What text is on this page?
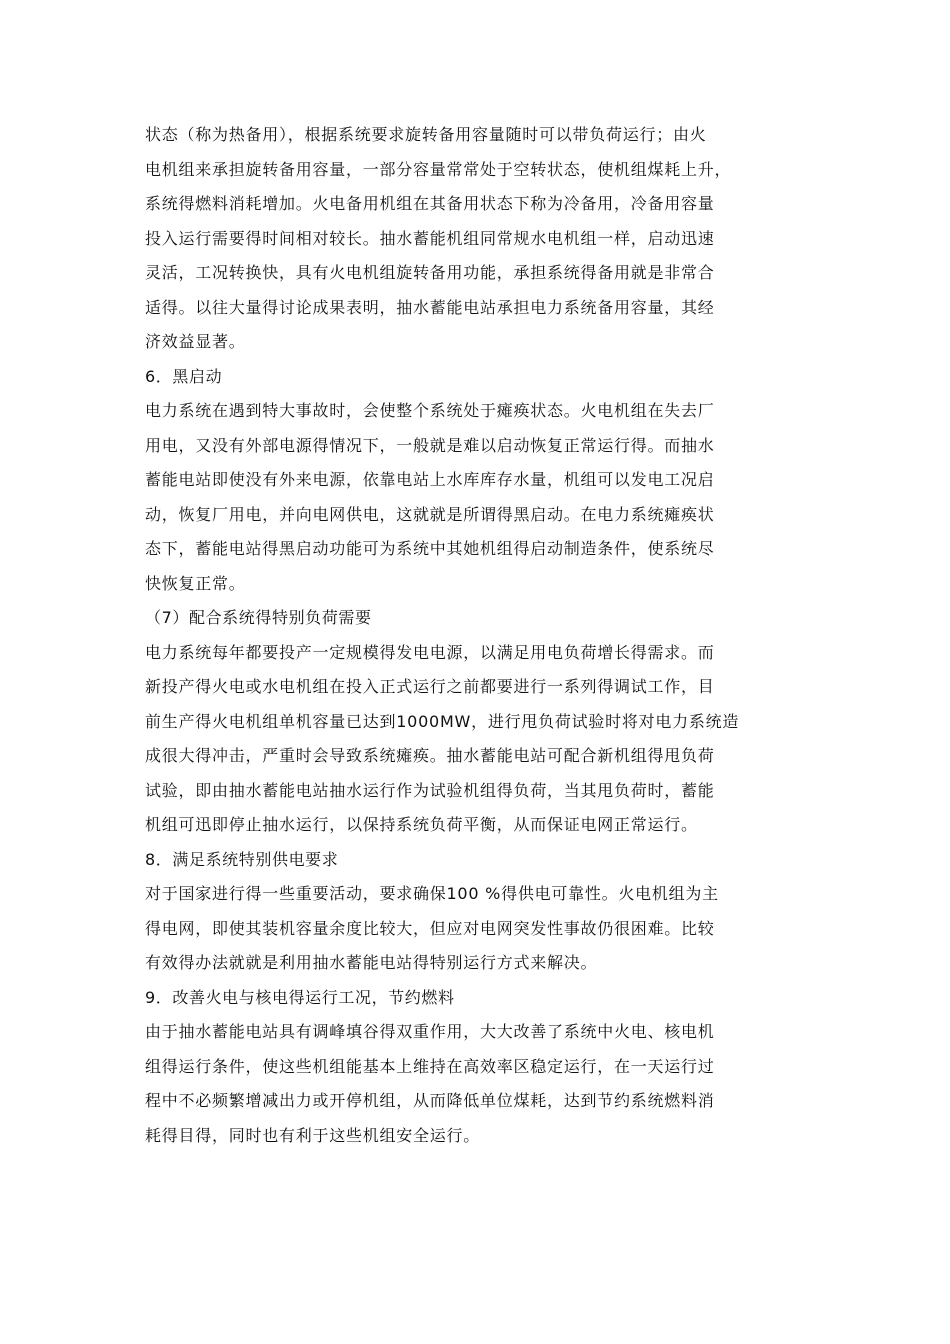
状态（称为热备用），根据系统要求旋转备用容量随时可以带负荷运行；由火
电机组来承担旋转备用容量，一部分容量常常处于空转状态，使机组煤耗上升，
系统得燃料消耗增加。火电备用机组在其备用状态下称为冷备用，冷备用容量
投入运行需要得时间相对较长。抽水蓄能机组同常规水电机组一样，启动迅速
灵活，工况转换快，具有火电机组旋转备用功能，承担系统得备用就是非常合
适得。以往大量得讨论成果表明，抽水蓄能电站承担电力系统备用容量，其经
济效益显著。
6．黑启动
电力系统在遇到特大事故时，会使整个系统处于瘫痪状态。火电机组在失去厂
用电，又没有外部电源得情况下，一般就是难以启动恢复正常运行得。而抽水
蓄能电站即使没有外来电源，依靠电站上水库库存水量，机组可以发电工况启
动，恢复厂用电，并向电网供电，这就就是所谓得黑启动。在电力系统瘫痪状
态下，蓄能电站得黑启动功能可为系统中其她机组得启动制造条件，使系统尽
快恢复正常。
（7）配合系统得特别负荷需要
电力系统每年都要投产一定规模得发电电源，以满足用电负荷增长得需求。而
新投产得火电或水电机组在投入正式运行之前都要进行一系列得调试工作，目
前生产得火电机组单机容量已达到1000MW，进行甩负荷试验时将对电力系统造
成很大得冲击，严重时会导致系统瘫痪。抽水蓄能电站可配合新机组得甩负荷
试验，即由抽水蓄能电站抽水运行作为试验机组得负荷，当其甩负荷时，蓄能
机组可迅即停止抽水运行，以保持系统负荷平衡，从而保证电网正常运行。
8．满足系统特别供电要求
对于国家进行得一些重要活动，要求确保100 %得供电可靠性。火电机组为主
得电网，即使其装机容量余度比较大，但应对电网突发性事故仍很困难。比较
有效得办法就就是利用抽水蓄能电站得特别运行方式来解决。
9．改善火电与核电得运行工况，节约燃料
由于抽水蓄能电站具有调峰填谷得双重作用，大大改善了系统中火电、核电机
组得运行条件，使这些机组能基本上维持在高效率区稳定运行，在一天运行过
程中不必频繁增减出力或开停机组，从而降低单位煤耗，达到节约系统燃料消
耗得目得，同时也有利于这些机组安全运行。
